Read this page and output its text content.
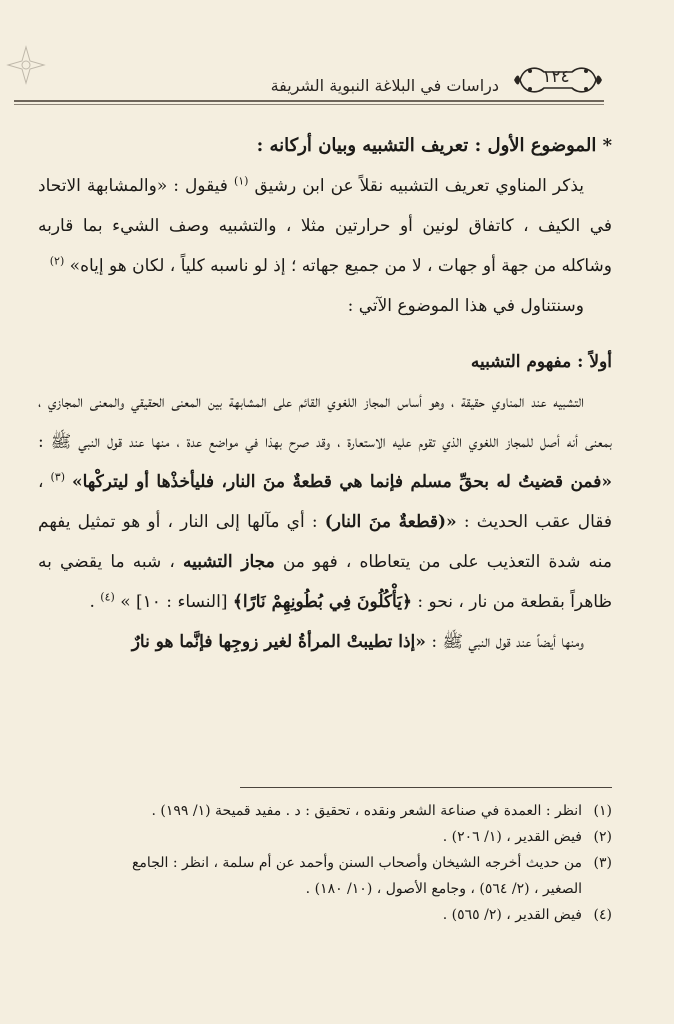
دراسات في البلاغة النبوية الشريفة	١٢٤

* الموضوع الأول : تعريف التشبيه وبيان أركانه :

يذكر المناوي تعريف التشبيه نقلاً عن ابن رشيق $^{(١)}$ فيقول : «والمشابهة الاتحاد في الكيف ، كاتفاق لونين أو حرارتين مثلا ، والتشبيه وصف الشيء بما قاربه وشاكله من جهة أو جهات ، لا من جميع جهاته ؛ إذ لو ناسبه كلياً ، لكان هو إياه» $^{(٢)}$

وسنتناول في هذا الموضوع الآتي :

أولاً : مفهوم التشبيه

التشبيه عند المناوي حقيقة ، وهو أساس المجاز اللغوي القائم على المشابهة بين المعنى الحقيقي والمعنى المجازي ، بمعنى أنه أصل للمجاز اللغوي الذي تقوم عليه الاستعارة ، وقد صرح بهذا في مواضع عدة ، منها عند قول النبي ﷺ : «فمن قضيتُ له بحقِّ مسلم فإنما هي قطعةٌ منَ النار، فليأخذْها أو ليتركْها» $^{(٣)}$ ، فقال عقب الحديث : «(قطعةٌ منَ النار) : أي مآلها إلى النار ، أو هو تمثيل يفهم منه شدة التعذيب على من يتعاطاه ، فهو من مجاز التشبيه ، شبه ما يقضي به ظاهراً بقطعة من نار ، نحو : ﴿يَأْكُلُونَ فِي بُطُونِهِمْ نَارًا﴾ [النساء : ١٠] » $^{(٤)}$ .

ومنها أيضاً عند قول النبي ﷺ : «إذا تطيبتْ المرأةُ لغير زوجِها فإنَّما هو نارٌ

(١)انظر : العمدة في صناعة الشعر ونقده ، تحقيق : د . مفيد قميحة (١/ ١٩٩) .

(٢)فيض القدير ، (١/ ٢٠٦) .

(٣)من حديث أخرجه الشيخان وأصحاب السنن وأحمد عن أم سلمة ، انظر : الجامع

الصغير ، (٢/ ٥٦٤) ، وجامع الأصول ، (١٠/ ١٨٠) .

(٤)فيض القدير ، (٢/ ٥٦٥) .
